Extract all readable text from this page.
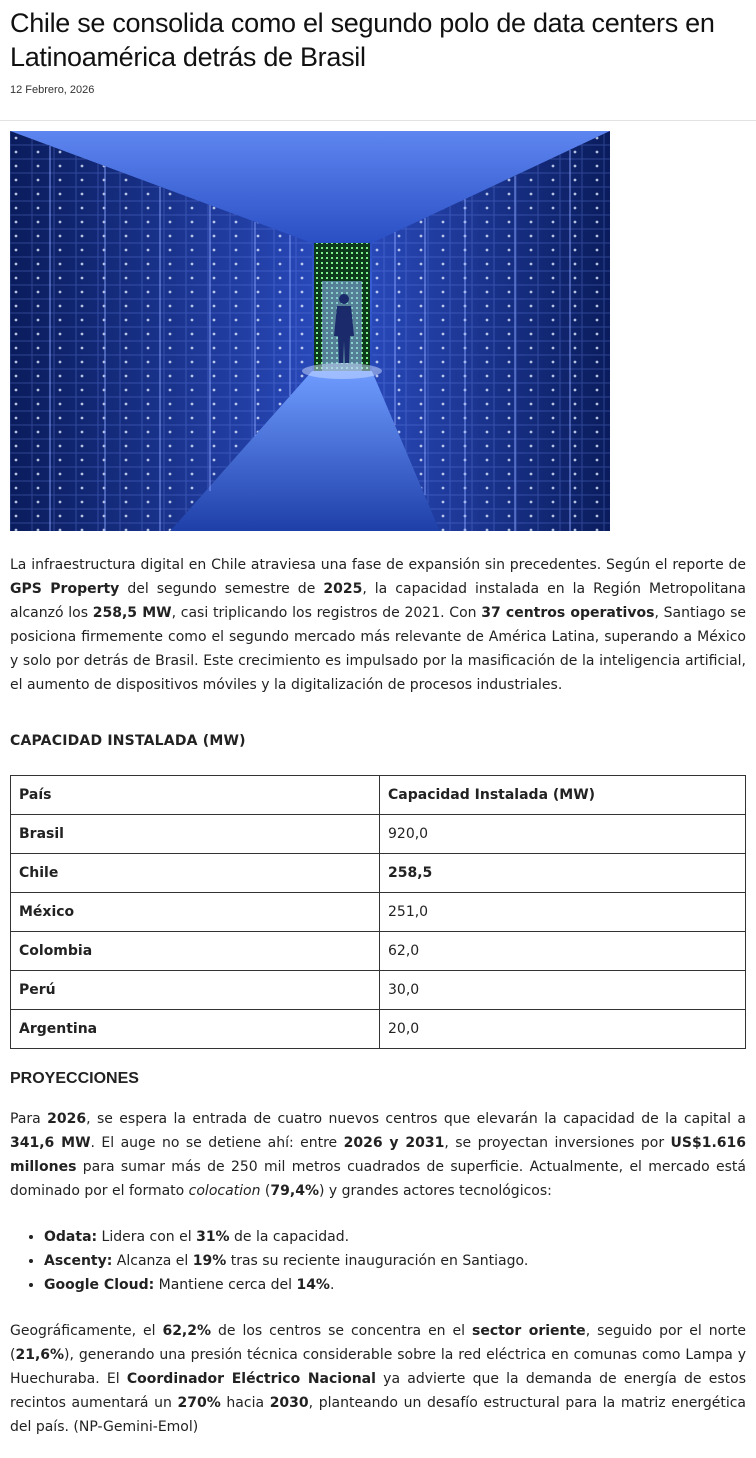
Chile se consolida como el segundo polo de data centers en Latinoamérica detrás de Brasil
12 Febrero, 2026

La infraestructura digital en Chile atraviesa una fase de expansión sin precedentes. Según el reporte de GPS Property del segundo semestre de 2025, la capacidad instalada en la Región Metropolitana alcanzó los 258,5 MW, casi triplicando los registros de 2021. Con 37 centros operativos, Santiago se posiciona firmemente como el segundo mercado más relevante de América Latina, superando a México y solo por detrás de Brasil. Este crecimiento es impulsado por la masificación de la inteligencia artificial, el aumento de dispositivos móviles y la digitalización de procesos industriales.

CAPACIDAD INSTALADA (MW)
País	Capacidad Instalada (MW)
Brasil	920,0
Chile	258,5
México	251,0
Colombia	62,0
Perú	30,0
Argentina	20,0
PROYECCIONES

Para 2026, se espera la entrada de cuatro nuevos centros que elevarán la capacidad de la capital a 341,6 MW. El auge no se detiene ahí: entre 2026 y 2031, se proyectan inversiones por US$1.616 millones para sumar más de 250 mil metros cuadrados de superficie. Actualmente, el mercado está dominado por el formato colocation (79,4%) y grandes actores tecnológicos:

• Odata: Lidera con el 31% de la capacidad.
• Ascenty: Alcanza el 19% tras su reciente inauguración en Santiago.
• Google Cloud: Mantiene cerca del 14%.

Geográficamente, el 62,2% de los centros se concentra en el sector oriente, seguido por el norte (21,6%), generando una presión técnica considerable sobre la red eléctrica en comunas como Lampa y Huechuraba. El Coordinador Eléctrico Nacional ya advierte que la demanda de energía de estos recintos aumentará un 270% hacia 2030, planteando un desafío estructural para la matriz energética del país. (NP-Gemini-Emol)
